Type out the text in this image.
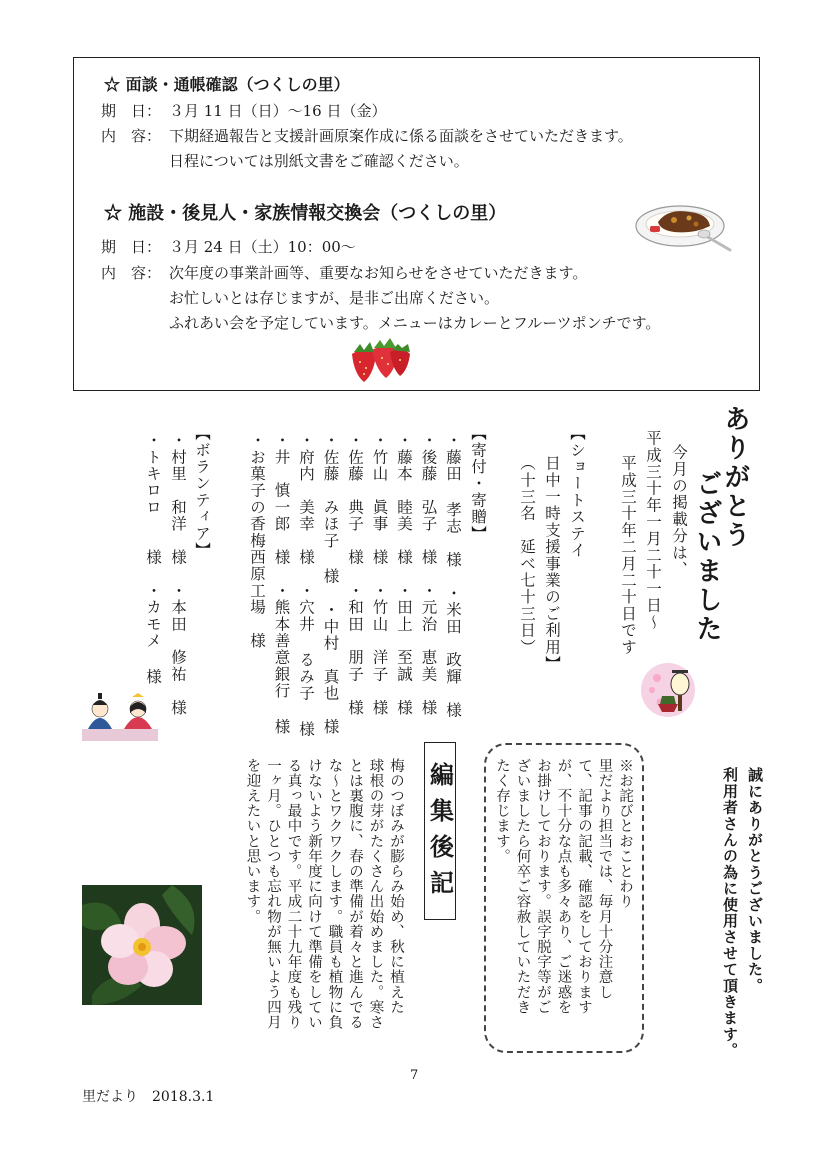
☆ 面談・通帳確認（つくしの里）
期　日： ３月 11 日（日）～16 日（金）
内　容： 下期経過報告と支援計画原案作成に係る面談をさせていただきます。
日程については別紙文書をご確認ください。
☆ 施設・後見人・家族情報交換会（つくしの里）
期　日： ３月 24 日（土）10：00～
内　容： 次年度の事業計画等、重要なお知らせをさせていただきます。
お忙しいとは存じますが、是非ご出席ください。
ふれあい会を予定しています。メニューはカレーとフルーツポンチです。
ありがとう
ございました
今月の掲載分は、
平成三十年一月二十一日～
平成三十年二月二十日です
【ショートステイ
日中一時支援事業のご利用】
（十三名　延べ七十三日）
【寄付・寄贈】
・藤田 孝志　様　・米田　政輝　様
・後藤　弘子　様　・元治　恵美　様
・藤本　睦美　様　・田上　至誠　様
・竹山　眞事　様　・竹山　洋子　様
・佐藤　典子　様　・和田　朋子　様
・佐藤　みほ子 様　・中村　真也　様
・府内　美幸　様　・穴井 るみ子 様
・井　慎一郎　様　・熊本善意銀行 様
・お菓子の香梅西原工場　様
【ボランティア】
・村里　和洋　様　・本田　修祐　様
・トキロロ　　様　・カモメ 様
利用者さんの為に使用させて頂きます。 誠にありがとうございました。
※お詫びとおことわり
里だより担当では、毎月十分注意し
て、記事の記載、確認をしております
が、不十分な点も多々あり、ご迷惑を
お掛けしております。誤字脱字等がご
ざいましたら何卒ご容赦していただき
たく存じます。
編集後記
梅のつぼみが膨らみ始め、秋に植えた
球根の芽がたくさん出始めました。寒さ
とは裏腹に、春の準備が着々と進んでる
な～とワクワクします。職員も植物に負
けないよう新年度に向けて準備をしてい
る真っ最中です。平成二十九年度も残り
一ヶ月。ひとつも忘れ物が無いよう四月
を迎えたいと思います。
7
里だより　2018.3.1
